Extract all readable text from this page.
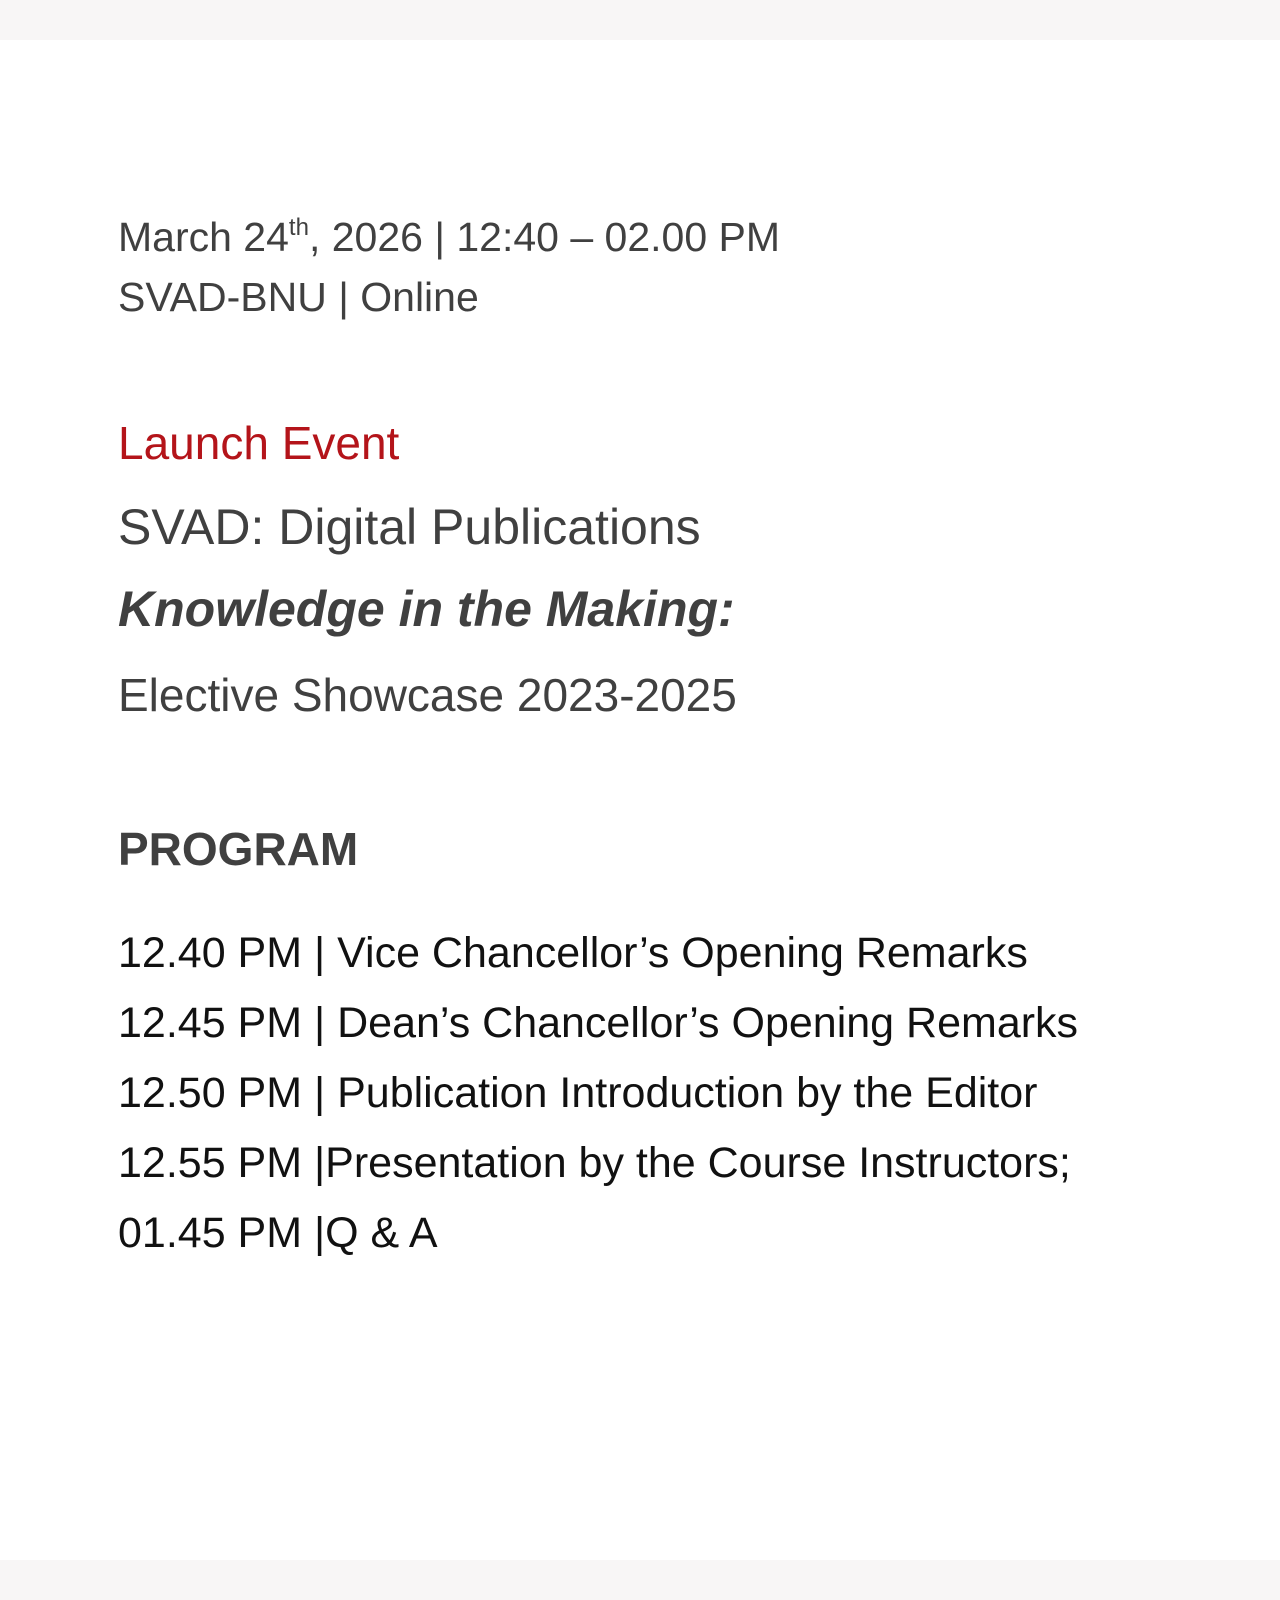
March 24th, 2026 | 12:40 – 02.00 PM
SVAD-BNU | Online
Launch Event
SVAD: Digital Publications
Knowledge in the Making:
Elective Showcase 2023-2025
PROGRAM
12.40 PM | Vice Chancellor’s Opening Remarks
12.45 PM | Dean’s Chancellor’s Opening Remarks
12.50 PM | Publication Introduction by the Editor
12.55 PM |Presentation by the Course Instructors;
01.45 PM |Q & A
